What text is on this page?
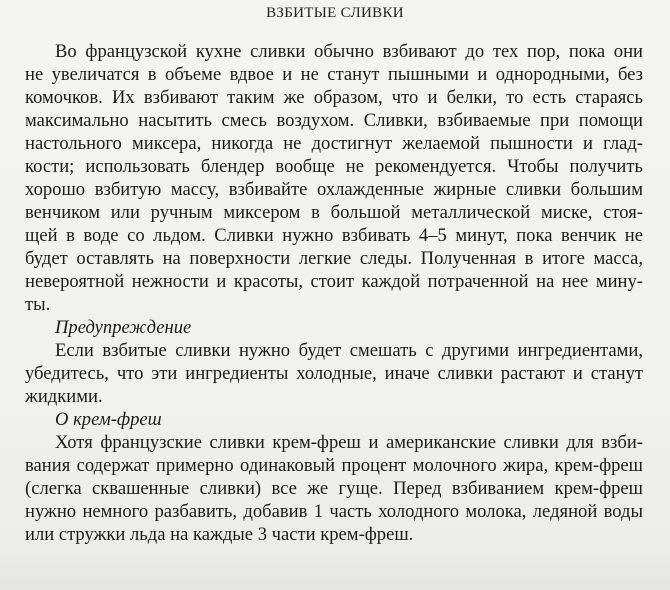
ВЗБИТЫЕ СЛИВКИ
Во французской кухне сливки обычно взбивают до тех пор, пока они
не увеличатся в объеме вдвое и не станут пышными и однородными, без
комочков. Их взбивают таким же образом, что и белки, то есть стараясь
максимально насытить смесь воздухом. Сливки, взбиваемые при помощи
настольного миксера, никогда не достигнут желаемой пышности и глад-
кости; использовать блендер вообще не рекомендуется. Чтобы получить
хорошо взбитую массу, взбивайте охлажденные жирные сливки большим
венчиком или ручным миксером в большой металлической миске, стоя-
щей в воде со льдом. Сливки нужно взбивать 4–5 минут, пока венчик не
будет оставлять на поверхности легкие следы. Полученная в итоге масса,
невероятной нежности и красоты, стоит каждой потраченной на нее мину-
ты.
Предупреждение
Если взбитые сливки нужно будет смешать с другими ингредиентами,
убедитесь, что эти ингредиенты холодные, иначе сливки растают и станут
жидкими.
О крем-фреш
Хотя французские сливки крем-фреш и американские сливки для взби-
вания содержат примерно одинаковый процент молочного жира, крем-фреш
(слегка сквашенные сливки) все же гуще. Перед взбиванием крем-фреш
нужно немного разбавить, добавив 1 часть холодного молока, ледяной воды
или стружки льда на каждые 3 части крем-фреш.
